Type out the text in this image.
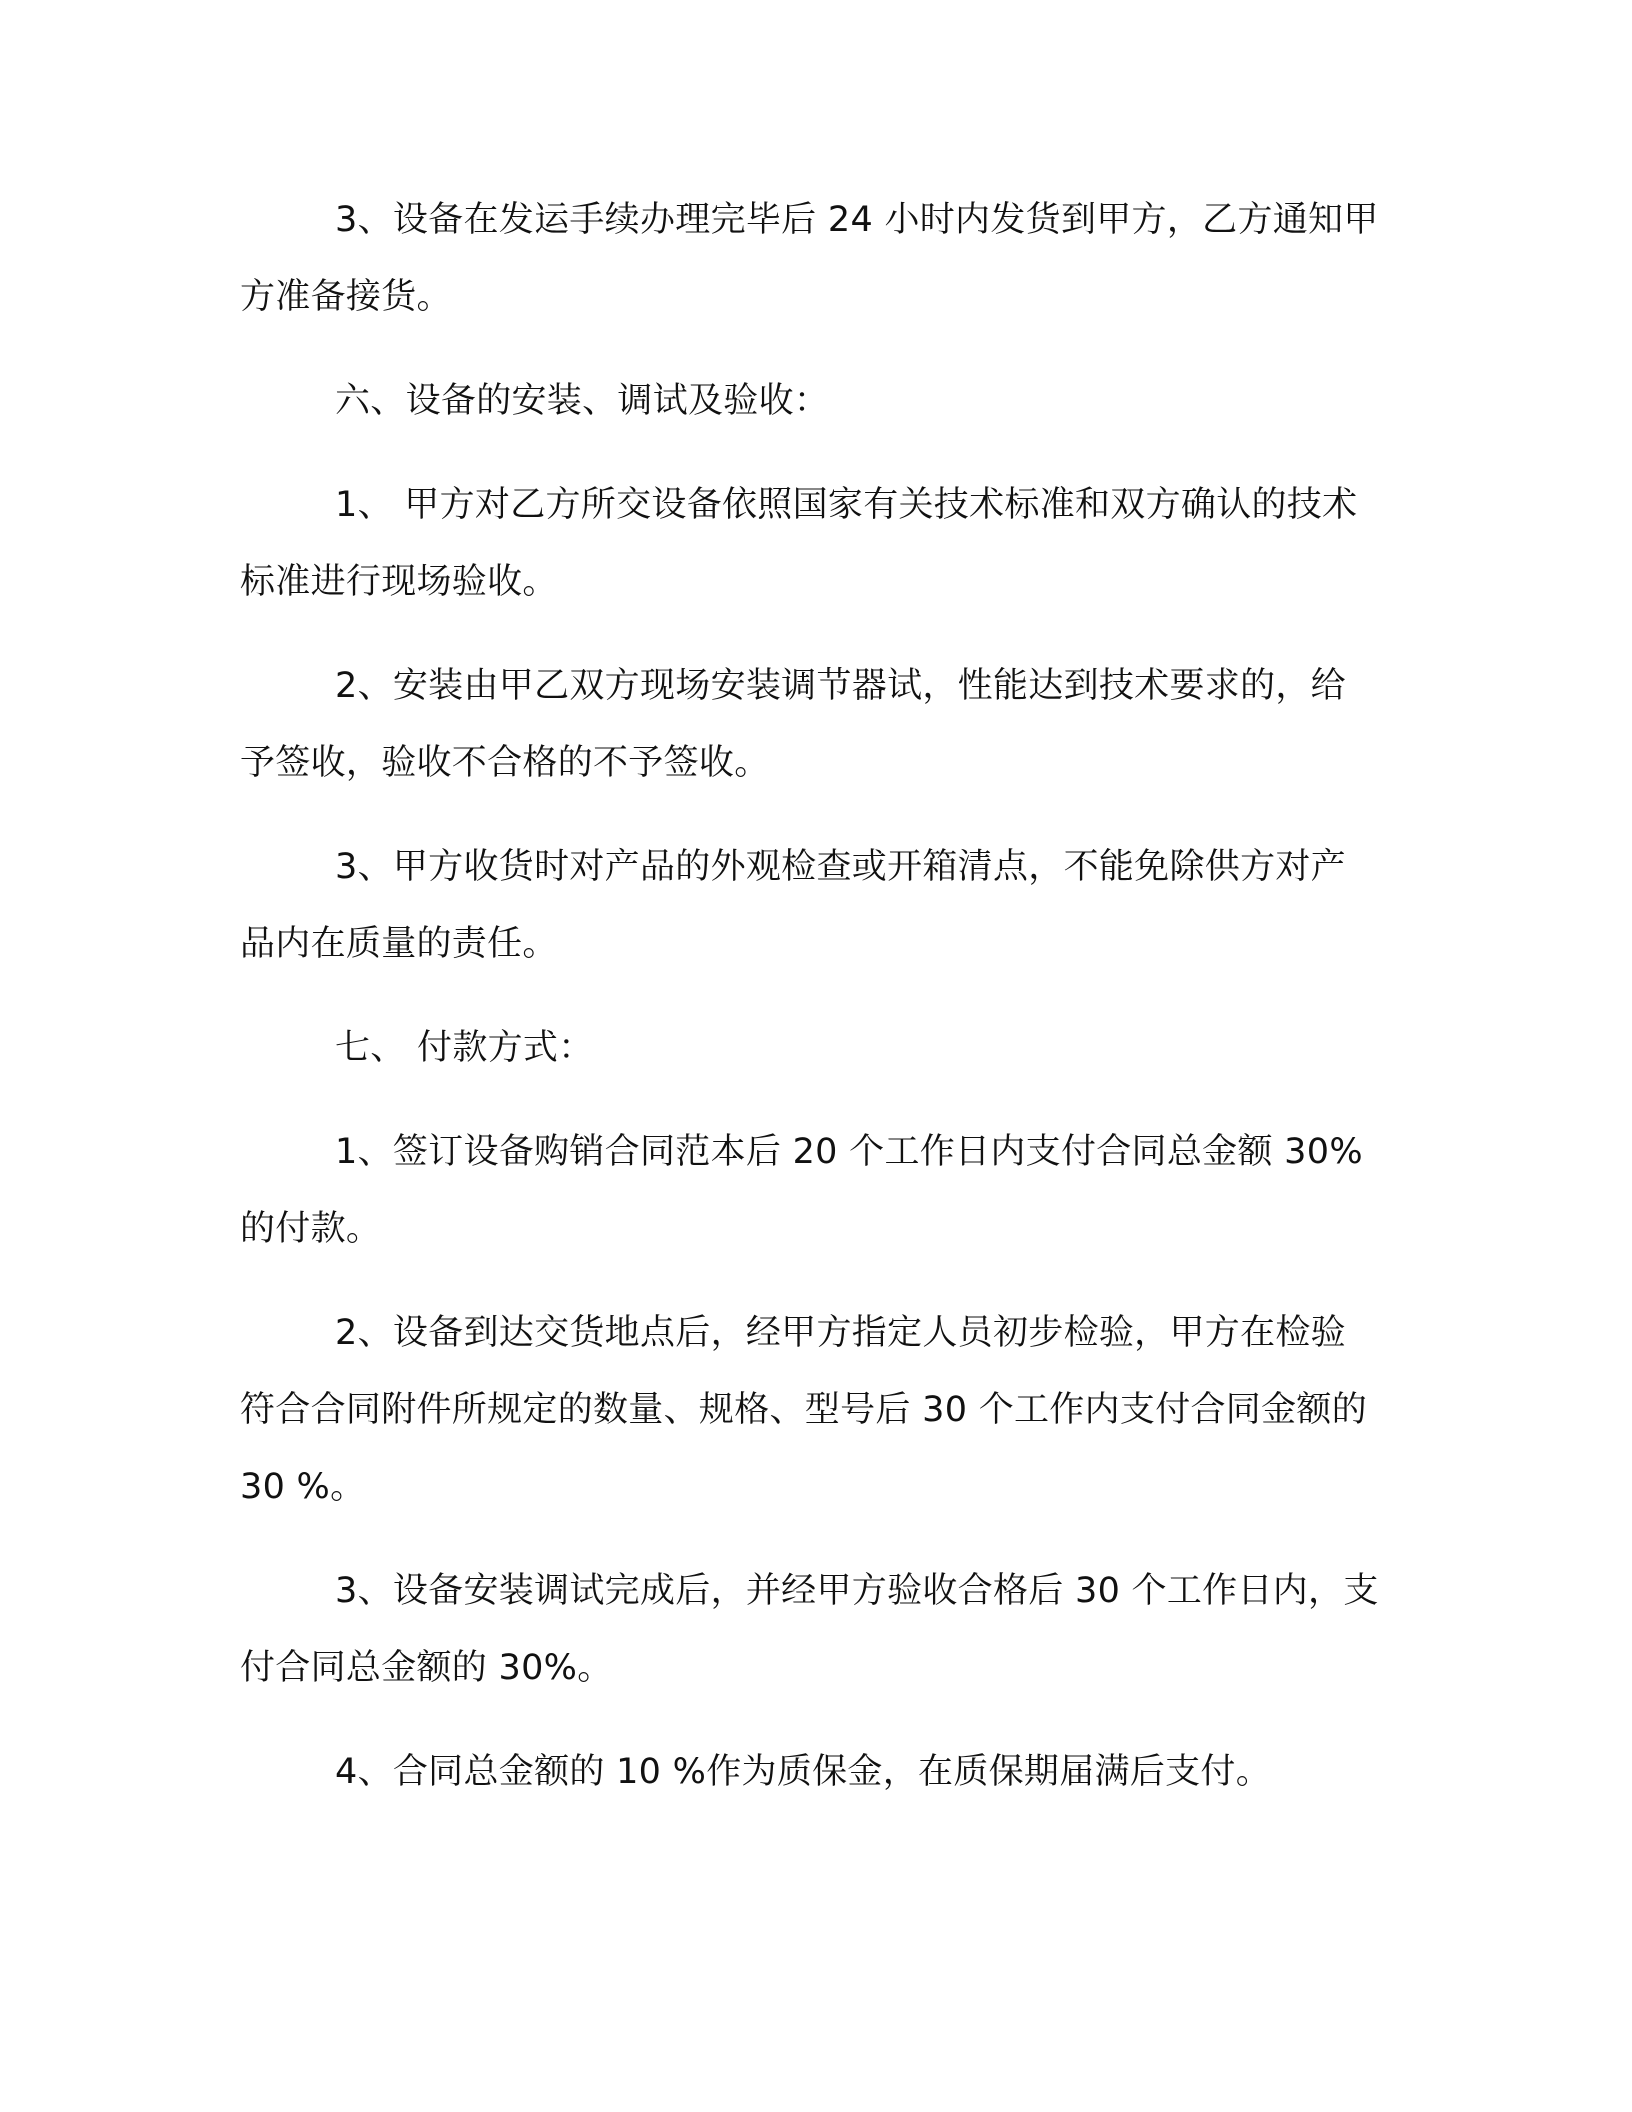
3、设备在发运手续办理完毕后 24 小时内发货到甲方，乙方通知甲方准备接货。

六、设备的安装、调试及验收：

1、 甲方对乙方所交设备依照国家有关技术标准和双方确认的技术标准进行现场验收。

2、安装由甲乙双方现场安装调节器试，性能达到技术要求的，给予签收，验收不合格的不予签收。

3、甲方收货时对产品的外观检查或开箱清点，不能免除供方对产品内在质量的责任。

七、 付款方式：

1、签订设备购销合同范本后 20 个工作日内支付合同总金额 30%的付款。

2、设备到达交货地点后，经甲方指定人员初步检验，甲方在检验符合合同附件所规定的数量、规格、型号后 30 个工作内支付合同金额的 30 %。

3、设备安装调试完成后，并经甲方验收合格后 30 个工作日内，支付合同总金额的 30%。

4、合同总金额的 10 %作为质保金，在质保期届满后支付。
